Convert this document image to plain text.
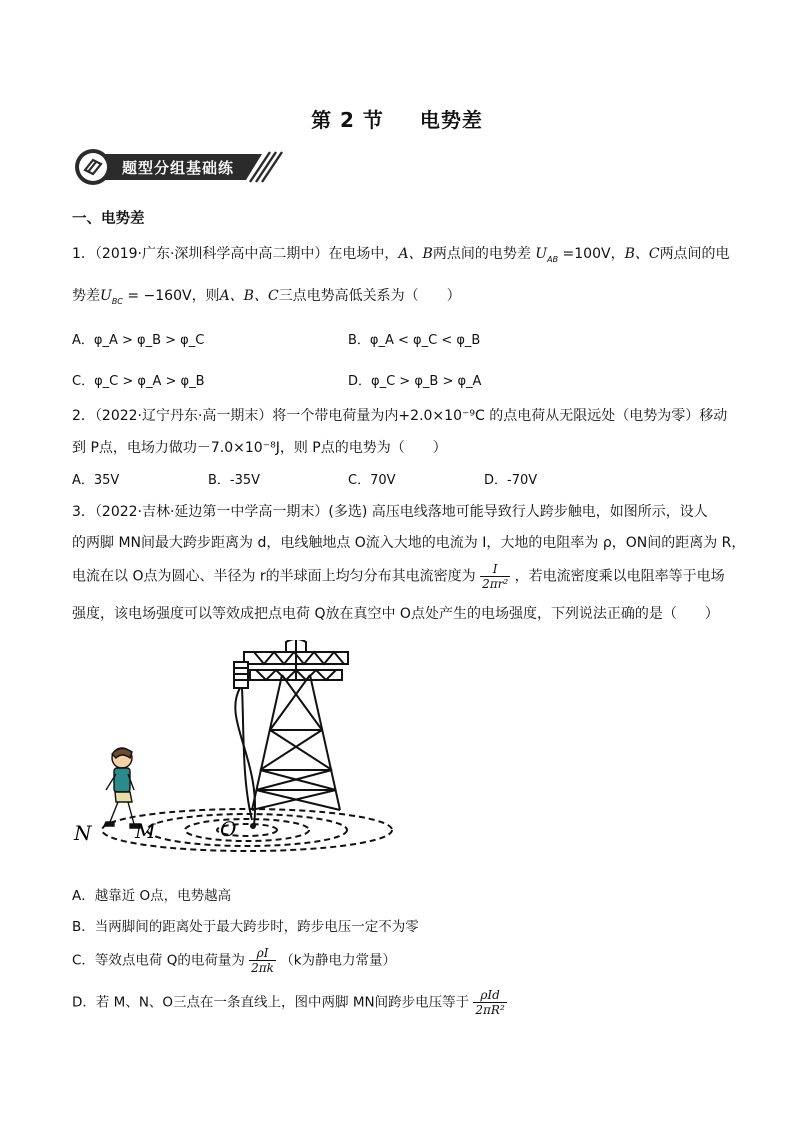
第 2 节 电势差
题型分组基础练
一、电势差
1．（2019·广东·深圳科学高中高二期中）在电场中，A、B两点间的电势差 $U_{AB} =100V$，B、C两点间的电
势差$U_{BC} = -160V$，则A、B、C三点电势高低关系为（　　）
A．φ_A > φ_B > φ_C	B．φ_A < φ_C < φ_B
C．φ_C > φ_A > φ_B	D．φ_C > φ_B > φ_A
2．（2022·辽宁丹东·高一期末）将一个带电荷量为内+2.0×10⁻⁹C 的点电荷从无限远处（电势为零）移动
到 P点，电场力做功－7.0×10⁻⁸J，则 P点的电势为（　　）
A．35V	B．-35V	C．70V	D．-70V
3．（2022·吉林·延边第一中学高一期末）(多选) 高压电线落地可能导致行人跨步触电，如图所示，设人
的两脚 MN间最大跨步距离为 d，电线触地点 O流入大地的电流为 I，大地的电阻率为 ρ，ON间的距离为 R，
电流在以 O点为圆心、半径为 r的半球面上均匀分布其电流密度为 $\frac{I}{\text{2πr²}}$ ，若电流密度乘以电阻率等于电场
强度，该电场强度可以等效成把点电荷 Q放在真空中 O点处产生的电场强度，下列说法正确的是（　　）
N M	O
A．越靠近 O点，电势越高
B．当两脚间的距离处于最大跨步时，跨步电压一定不为零
C．等效点电荷 Q的电荷量为 $\frac{\rho I}{2\pi k} (k$为静电力常量）
D．若 M、N、O三点在一条直线上，图中两脚 MN间跨步电压等于 $\frac{\text{ρId}}{\text{2πR²}}$
